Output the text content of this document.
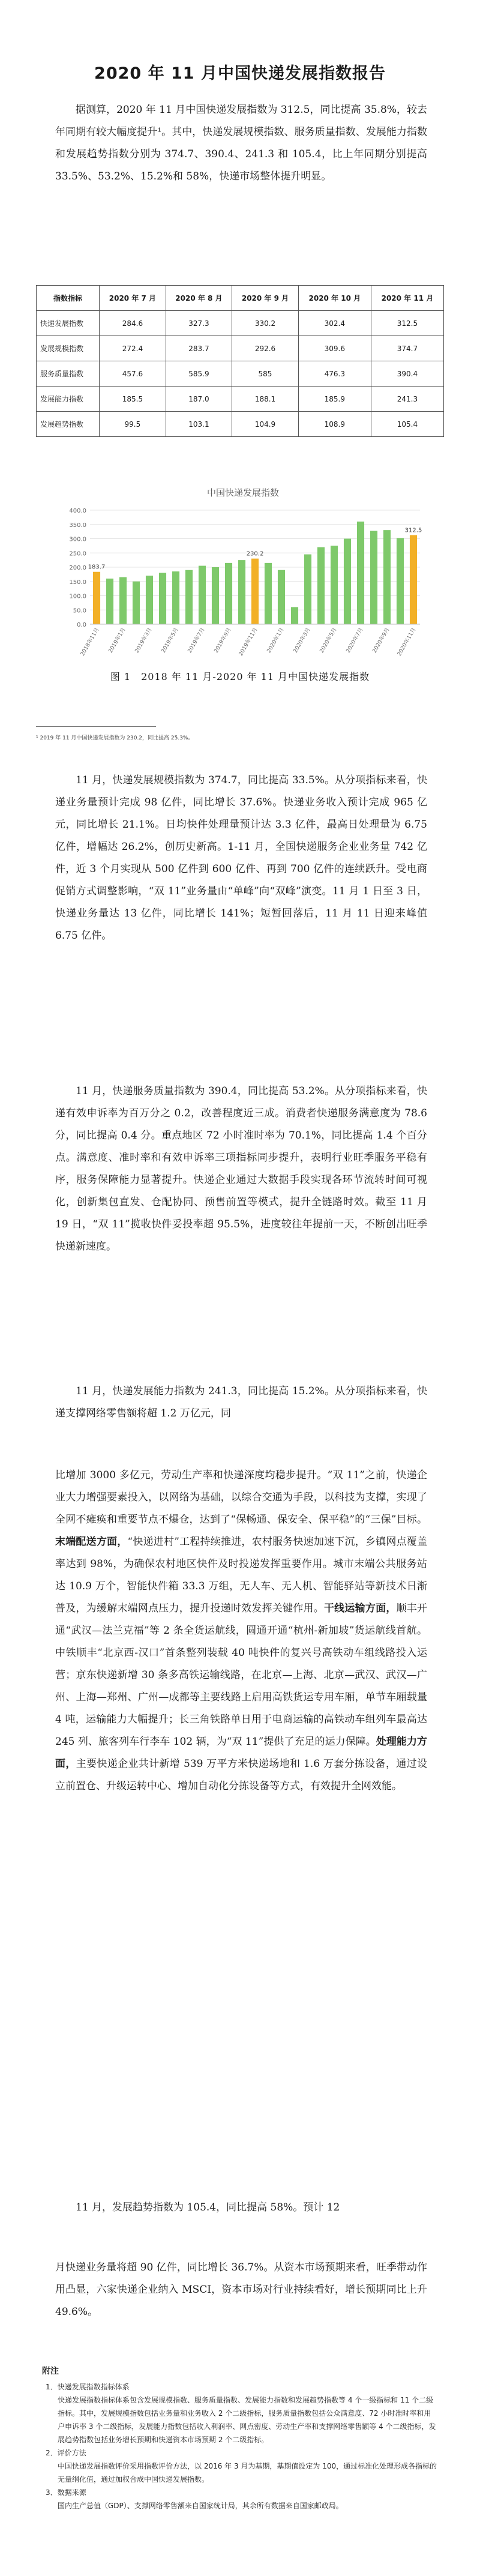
2020 年 11 月中国快递发展指数报告

据测算，2020 年 11 月中国快递发展指数为 312.5，同比提高 35.8%，较去年同期有较大幅度提升¹。其中，快递发展规模指数、服务质量指数、发展能力指数和发展趋势指数分别为 374.7、390.4、241.3 和 105.4，比上年同期分别提高 33.5%、53.2%、15.2%和 58%，快递市场整体提升明显。

指数指标	2020 年 7 月	2020 年 8 月	2020 年 9 月	2020 年 10 月	2020 年 11 月
快递发展指数	284.6	327.3	330.2	302.4	312.5
发展规模指数	272.4	283.7	292.6	309.6	374.7
服务质量指数	457.6	585.9	585	476.3	390.4
发展能力指数	185.5	187.0	188.1	185.9	241.3
发展趋势指数	99.5	103.1	104.9	108.9	105.4
中国快递发展指数
0.0
50.0
100.0
150.0
200.0
250.0
300.0
350.0
400.0
183.7
2018年11月 2019年1月 2019年3月 2019年5月 2019年7月 2019年9月
230.2
2019年11月 2020年1月 2020年3月 2020年5月 2020年7月 2020年9月
312.5
2020年11月
图 1　2018 年 11 月-2020 年 11 月中国快递发展指数
¹ 2019 年 11 月中国快递发展指数为 230.2，同比提高 25.3%。

11 月，快递发展规模指数为 374.7，同比提高 33.5%。从分项指标来看，快递业务量预计完成 98 亿件，同比增长 37.6%。快递业务收入预计完成 965 亿元，同比增长 21.1%。日均快件处理量预计达 3.3 亿件，最高日处理量为 6.75 亿件，增幅达 26.2%，创历史新高。1-11 月，全国快递服务企业业务量 742 亿件，近 3 个月实现从 500 亿件到 600 亿件、再到 700 亿件的连续跃升。受电商促销方式调整影响，“双 11”业务量由“单峰”向“双峰”演变。11 月 1 日至 3 日，快递业务量达 13 亿件，同比增长 141%；短暂回落后，11 月 11 日迎来峰值 6.75 亿件。

11 月，快递服务质量指数为 390.4，同比提高 53.2%。从分项指标来看，快递有效申诉率为百万分之 0.2，改善程度近三成。消费者快递服务满意度为 78.6 分，同比提高 0.4 分。重点地区 72 小时准时率为 70.1%，同比提高 1.4 个百分点。满意度、准时率和有效申诉率三项指标同步提升，表明行业旺季服务平稳有序，服务保障能力显著提升。快递企业通过大数据手段实现各环节流转时间可视化，创新集包直发、仓配协同、预售前置等模式，提升全链路时效。截至 11 月 19 日，“双 11”揽收快件妥投率超 95.5%，进度较往年提前一天，不断创出旺季快递新速度。

11 月，快递发展能力指数为 241.3，同比提高 15.2%。从分项指标来看，快递支撑网络零售额将超 1.2 万亿元，同

比增加 3000 多亿元，劳动生产率和快递深度均稳步提升。“双 11”之前，快递企业大力增强要素投入，以网络为基础，以综合交通为手段，以科技为支撑，实现了全网不瘫痪和重要节点不爆仓，达到了“保畅通、保安全、保平稳”的“三保”目标。末端配送方面，“快递进村”工程持续推进，农村服务快速加速下沉，乡镇网点覆盖率达到 98%，为确保农村地区快件及时投递发挥重要作用。城市末端公共服务站达 10.9 万个，智能快件箱 33.3 万组，无人车、无人机、智能驿站等新技术日渐普及，为缓解末端网点压力，提升投递时效发挥关键作用。干线运输方面，顺丰开通“武汉—法兰克福”等 2 条全货运航线，圆通开通“杭州-新加坡”货运航线首航。中铁顺丰“北京西-汉口”首条整列装载 40 吨快件的复兴号高铁动车组线路投入运营；京东快递新增 30 条多高铁运输线路，在北京—上海、北京—武汉、武汉—广州、上海—郑州、广州—成都等主要线路上启用高铁货运专用车厢，单节车厢载量 4 吨，运输能力大幅提升；长三角铁路单日用于电商运输的高铁动车组列车最高达 245 列、旅客列车行李车 102 辆，为“双 11”提供了充足的运力保障。处理能力方面，主要快递企业共计新增 539 万平方米快递场地和 1.6 万套分拣设备，通过设立前置仓、升级运转中心、增加自动化分拣设备等方式，有效提升全网效能。

11 月，发展趋势指数为 105.4，同比提高 58%。预计 12

月快递业务量将超 90 亿件，同比增长 36.7%。从资本市场预期来看，旺季带动作用凸显，六家快递企业纳入 MSCI，资本市场对行业持续看好，增长预期同比上升 49.6%。

附注
1．快递发展指数指标体系
快递发展指数指标体系包含发展规模指数、服务质量指数、发展能力指数和发展趋势指数等 4 个一级指标和 11 个二级指标。其中，发展规模指数包括业务量和业务收入 2 个二级指标，服务质量指数包括公众满意度、72 小时准时率和用户申诉率 3 个二级指标，发展能力指数包括收入利润率、网点密度、劳动生产率和支撑网络零售额等 4 个二级指标，发展趋势指数包括业务增长预期和快递资本市场预期 2 个二级指标。
2．评价方法
中国快递发展指数评价采用指数评价方法，以 2016 年 3 月为基期，基期值设定为 100，通过标准化处理形成各指标的无量纲化值，通过加权合成中国快递发展指数。
3．数据来源
国内生产总值（GDP）、支撑网络零售额来自国家统计局，其余所有数据来自国家邮政局。
